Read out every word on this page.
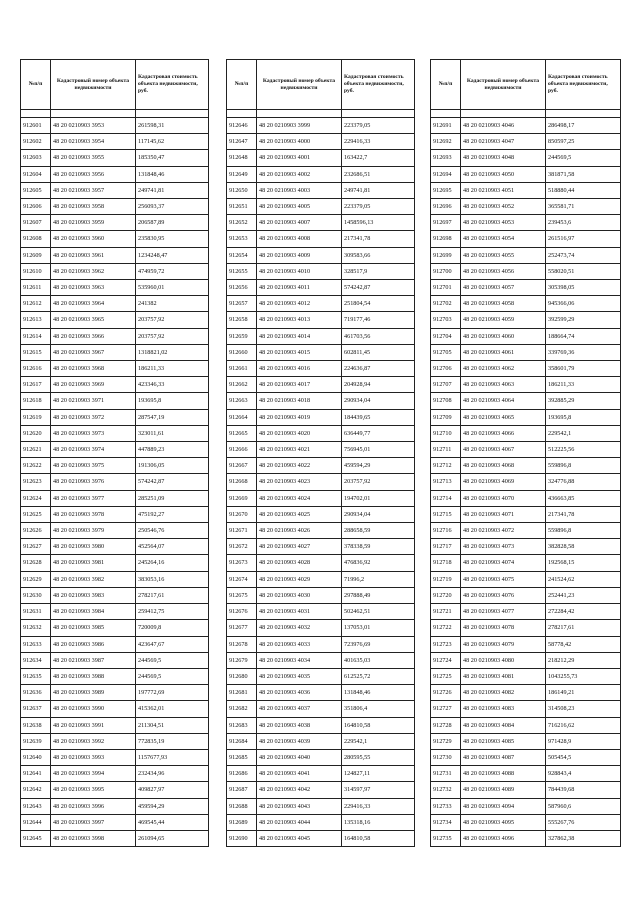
№п/п	Кадастровый номер объекта недвижимости	Кадастровая стоимость объекта недвижимости, руб.

912601	48 20 0210903 3953	261598,31
912602	48 20 0210903 3954	117145,62
912603	48 20 0210903 3955	185350,47
912604	48 20 0210903 3956	131848,46
912605	48 20 0210903 3957	249741,81
912606	48 20 0210903 3958	256093,37
912607	48 20 0210903 3959	206587,89
912608	48 20 0210903 3960	235830,95
912609	48 20 0210903 3961	1234248,47
912610	48 20 0210903 3962	474959,72
912611	48 20 0210903 3963	535960,01
912612	48 20 0210903 3964	241382
912613	48 20 0210903 3965	203757,92
912614	48 20 0210903 3966	203757,92
912615	48 20 0210903 3967	1318821,02
912616	48 20 0210903 3968	186211,33
912617	48 20 0210903 3969	423346,33
912618	48 20 0210903 3971	193695,8
912619	48 20 0210903 3972	287547,19
912620	48 20 0210903 3973	323011,61
912621	48 20 0210903 3974	447889,23
912622	48 20 0210903 3975	191306,05
912623	48 20 0210903 3976	574242,87
912624	48 20 0210903 3977	285251,09
912625	48 20 0210903 3978	475192,27
912626	48 20 0210903 3979	250546,76
912627	48 20 0210903 3980	452564,07
912628	48 20 0210903 3981	245264,16
912629	48 20 0210903 3982	383053,16
912630	48 20 0210903 3983	278217,61
912631	48 20 0210903 3984	259412,75
912632	48 20 0210903 3985	720009,8
912633	48 20 0210903 3986	423647,67
912634	48 20 0210903 3987	244569,5
912635	48 20 0210903 3988	244569,5
912636	48 20 0210903 3989	197772,69
912637	48 20 0210903 3990	415362,01
912638	48 20 0210903 3991	211304,51
912639	48 20 0210903 3992	772835,19
912640	48 20 0210903 3993	1157677,93
912641	48 20 0210903 3994	232434,96
912642	48 20 0210903 3995	409827,97
912643	48 20 0210903 3996	459594,29
912644	48 20 0210903 3997	469545,44
912645	48 20 0210903 3998	261094,65
№п/п	Кадастровый номер объекта недвижимости	Кадастровая стоимость объекта недвижимости, руб.

912646	48 20 0210903 3999	223379,05
912647	48 20 0210903 4000	229416,33
912648	48 20 0210903 4001	163422,7
912649	48 20 0210903 4002	232686,51
912650	48 20 0210903 4003	249741,81
912651	48 20 0210903 4005	223379,05
912652	48 20 0210903 4007	1458596,13
912653	48 20 0210903 4008	217341,78
912654	48 20 0210903 4009	309583,66
912655	48 20 0210903 4010	328517,9
912656	48 20 0210903 4011	574242,87
912657	48 20 0210903 4012	251804,54
912658	48 20 0210903 4013	719177,46
912659	48 20 0210903 4014	461703,56
912660	48 20 0210903 4015	602811,45
912661	48 20 0210903 4016	224636,87
912662	48 20 0210903 4017	204928,94
912663	48 20 0210903 4018	290934,04
912664	48 20 0210903 4019	184439,65
912665	48 20 0210903 4020	636449,77
912666	48 20 0210903 4021	756945,01
912667	48 20 0210903 4022	459594,29
912668	48 20 0210903 4023	203757,92
912669	48 20 0210903 4024	194702,01
912670	48 20 0210903 4025	290934,04
912671	48 20 0210903 4026	288658,59
912672	48 20 0210903 4027	378338,59
912673	48 20 0210903 4028	476836,92
912674	48 20 0210903 4029	71996,2
912675	48 20 0210903 4030	297888,49
912676	48 20 0210903 4031	502462,51
912677	48 20 0210903 4032	137053,01
912678	48 20 0210903 4033	723976,69
912679	48 20 0210903 4034	401635,03
912680	48 20 0210903 4035	612525,72
912681	48 20 0210903 4036	131848,46
912682	48 20 0210903 4037	351806,4
912683	48 20 0210903 4038	164810,58
912684	48 20 0210903 4039	229542,1
912685	48 20 0210903 4040	280595,55
912686	48 20 0210903 4041	124827,11
912687	48 20 0210903 4042	314597,97
912688	48 20 0210903 4043	229416,33
912689	48 20 0210903 4044	135318,16
912690	48 20 0210903 4045	164810,58
№п/п	Кадастровый номер объекта недвижимости	Кадастровая стоимость объекта недвижимости, руб.

912691	48 20 0210903 4046	286498,17
912692	48 20 0210903 4047	850597,25
912693	48 20 0210903 4048	244569,5
912694	48 20 0210903 4050	381871,58
912695	48 20 0210903 4051	518880,44
912696	48 20 0210903 4052	365581,71
912697	48 20 0210903 4053	239453,6
912698	48 20 0210903 4054	261516,97
912699	48 20 0210903 4055	252473,74
912700	48 20 0210903 4056	558020,51
912701	48 20 0210903 4057	305398,05
912702	48 20 0210903 4058	945366,06
912703	48 20 0210903 4059	392599,29
912704	48 20 0210903 4060	188664,74
912705	48 20 0210903 4061	339769,36
912706	48 20 0210903 4062	358601,79
912707	48 20 0210903 4063	186211,33
912708	48 20 0210903 4064	392885,29
912709	48 20 0210903 4065	193695,8
912710	48 20 0210903 4066	229542,1
912711	48 20 0210903 4067	512225,56
912712	48 20 0210903 4068	559896,8
912713	48 20 0210903 4069	324776,88
912714	48 20 0210903 4070	436663,85
912715	48 20 0210903 4071	217341,78
912716	48 20 0210903 4072	559896,8
912717	48 20 0210903 4073	382828,58
912718	48 20 0210903 4074	192568,15
912719	48 20 0210903 4075	241524,62
912720	48 20 0210903 4076	252441,23
912721	48 20 0210903 4077	272284,42
912722	48 20 0210903 4078	278217,61
912723	48 20 0210903 4079	58778,42
912724	48 20 0210903 4080	218212,29
912725	48 20 0210903 4081	1043255,73
912726	48 20 0210903 4082	186149,21
912727	48 20 0210903 4083	314508,23
912728	48 20 0210903 4084	716216,62
912729	48 20 0210903 4085	971428,9
912730	48 20 0210903 4087	505454,5
912731	48 20 0210903 4088	928843,4
912732	48 20 0210903 4089	784439,68
912733	48 20 0210903 4094	587960,6
912734	48 20 0210903 4095	555267,76
912735	48 20 0210903 4096	327862,38
